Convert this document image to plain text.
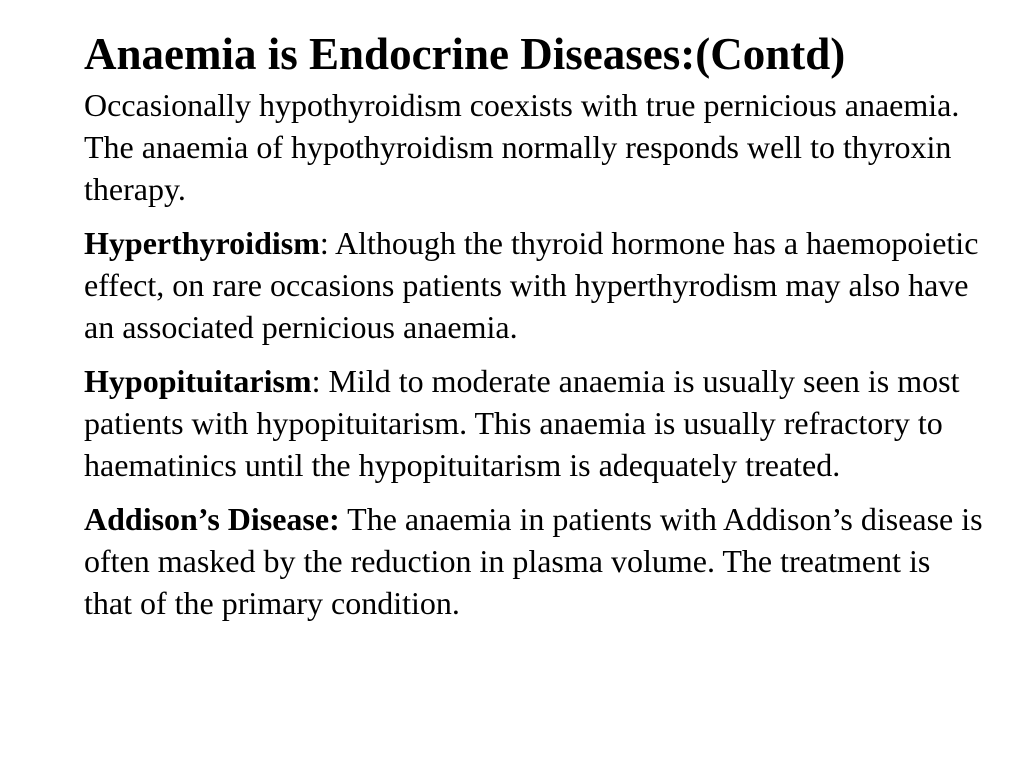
Anaemia is Endocrine Diseases:(Contd)

Occasionally hypothyroidism coexists with true pernicious anaemia. The anaemia of hypothyroidism normally responds well to thyroxin therapy.

Hyperthyroidism: Although the thyroid hormone has a haemopoietic effect, on rare occasions patients with hyperthyrodism may also have an associated pernicious anaemia.

Hypopituitarism: Mild to moderate anaemia is usually seen is most patients with hypopituitarism. This anaemia is usually refractory to haematinics until the hypopituitarism is adequately treated.

Addison’s Disease: The anaemia in patients with Addison’s disease is often masked by the reduction in plasma volume. The treatment is that of the primary condition.
